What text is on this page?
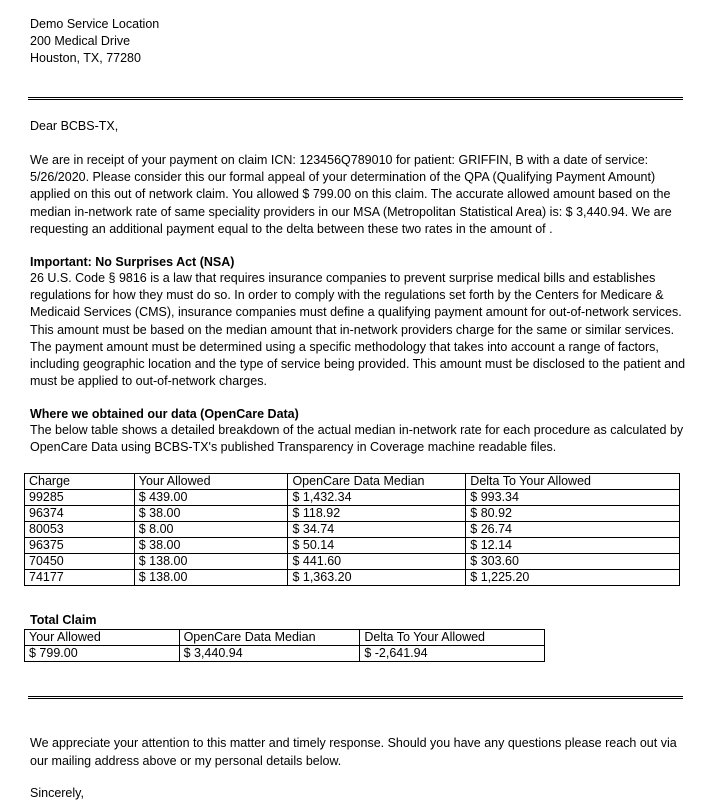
Demo Service Location
200 Medical Drive
Houston, TX, 77280
Dear BCBS-TX,
We are in receipt of your payment on claim ICN: 123456Q789010 for patient: GRIFFIN, B with a date of service: 5/26/2020. Please consider this our formal appeal of your determination of the QPA (Qualifying Payment Amount) applied on this out of network claim. You allowed $ 799.00 on this claim. The accurate allowed amount based on the median in-network rate of same speciality providers in our MSA (Metropolitan Statistical Area) is: $ 3,440.94. We are requesting an additional payment equal to the delta between these two rates in the amount of .
Important: No Surprises Act (NSA)
26 U.S. Code § 9816 is a law that requires insurance companies to prevent surprise medical bills and establishes regulations for how they must do so. In order to comply with the regulations set forth by the Centers for Medicare & Medicaid Services (CMS), insurance companies must define a qualifying payment amount for out-of-network services. This amount must be based on the median amount that in-network providers charge for the same or similar services. The payment amount must be determined using a specific methodology that takes into account a range of factors, including geographic location and the type of service being provided. This amount must be disclosed to the patient and must be applied to out-of-network charges.
Where we obtained our data (OpenCare Data)
The below table shows a detailed breakdown of the actual median in-network rate for each procedure as calculated by OpenCare Data using BCBS-TX's published Transparency in Coverage machine readable files.
Charge	Your Allowed	OpenCare Data Median	Delta To Your Allowed
99285	$ 439.00	$ 1,432.34	$ 993.34
96374	$ 38.00	$ 118.92	$ 80.92
80053	$ 8.00	$ 34.74	$ 26.74
96375	$ 38.00	$ 50.14	$ 12.14
70450	$ 138.00	$ 441.60	$ 303.60
74177	$ 138.00	$ 1,363.20	$ 1,225.20
Total Claim
Your Allowed	OpenCare Data Median	Delta To Your Allowed
$ 799.00	$ 3,440.94	$ -2,641.94
We appreciate your attention to this matter and timely response. Should you have any questions please reach out via our mailing address above or my personal details below.
Sincerely,
